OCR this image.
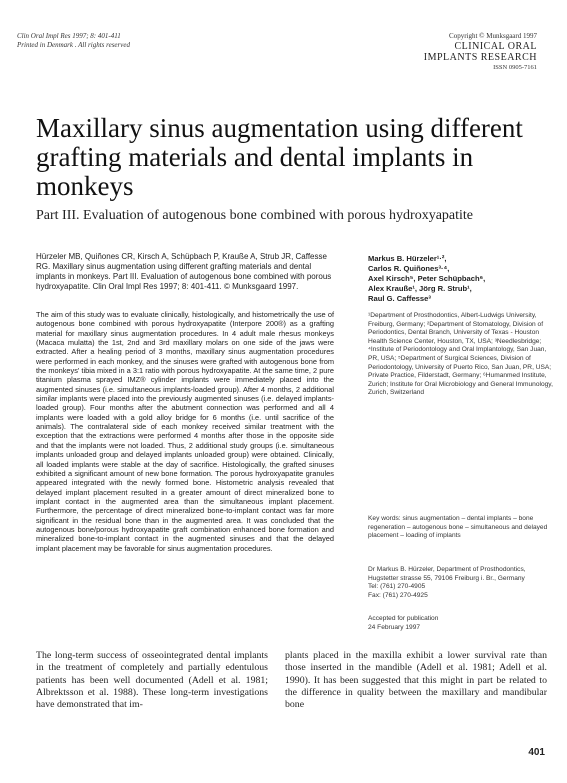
Clin Oral Impl Res 1997; 8: 401-411
Printed in Denmark . All rights reserved
Copyright © Munksgaard 1997
CLINICAL ORAL
IMPLANTS RESEARCH
ISSN 0905-7161
Maxillary sinus augmentation using different grafting materials and dental implants in monkeys
Part III. Evaluation of autogenous bone combined with porous hydroxyapatite
Hürzeler MB, Quiñones CR, Kirsch A, Schüpbach P, Krauße A, Strub JR, Caffesse RG. Maxillary sinus augmentation using different grafting materials and dental implants in monkeys. Part III. Evaluation of autogenous bone combined with porous hydroxyapatite. Clin Oral Impl Res 1997; 8: 401-411. © Munksgaard 1997.
The aim of this study was to evaluate clinically, histologically, and histometrically the use of autogenous bone combined with porous hydroxyapatite (Interpore 200®) as a grafting material for maxillary sinus augmentation procedures. In 4 adult male rhesus monkeys (Macaca mulatta) the 1st, 2nd and 3rd maxillary molars on one side of the jaws were extracted. After a healing period of 3 months, maxillary sinus augmentation procedures were performed in each monkey, and the sinuses were grafted with autogenous bone from the monkeys' tibia mixed in a 3:1 ratio with porous hydroxyapatite. At the same time, 2 pure titanium plasma sprayed IMZ® cylinder implants were immediately placed into the augmented sinuses (i.e. simultaneous implants-loaded group). After 4 months, 2 additional similar implants were placed into the previously augmented sinuses (i.e. delayed implants-loaded group). Four months after the abutment connection was performed and all 4 implants were loaded with a gold alloy bridge for 6 months (i.e. until sacrifice of the animals). The contralateral side of each monkey received similar treatment with the exception that the extractions were performed 4 months after those in the opposite side and that the implants were not loaded. Thus, 2 additional study groups (i.e. simultaneous implants unloaded group and delayed implants unloaded group) were obtained. Clinically, all loaded implants were stable at the day of sacrifice. Histologically, the grafted sinuses exhibited a significant amount of new bone formation. The porous hydroxyapatite granules appeared integrated with the newly formed bone. Histometric analysis revealed that delayed implant placement resulted in a greater amount of direct mineralized bone to implant contact in the augmented area than the simultaneous implant placement. Furthermore, the percentage of direct mineralized bone-to-implant contact was far more significant in the residual bone than in the augmented area. It was concluded that the autogenous bone/porous hydroxyapatite graft combination enhanced bone formation and mineralized bone-to-implant contact in the augmented sinuses and that the delayed implant placement may be favorable for sinus augmentation procedures.
Markus B. Hürzeler¹·²,
Carlos R. Quiñones³·⁴,
Axel Kirsch⁵, Peter Schüpbach⁶,
Alex Krauße¹, Jörg R. Strub¹,
Raul G. Caffesse³
¹Department of Prosthodontics, Albert-Ludwigs University, Freiburg, Germany; ²Department of Stomatology, Division of Periodontics, Dental Branch, University of Texas - Houston Health Science Center, Houston, TX, USA; ³Needlesbridge; ⁴Institute of Periodontology and Oral Implantology, San Juan, PR, USA; ⁵Department of Surgical Sciences, Division of Periodontology, University of Puerto Rico, San Juan, PR, USA; Private Practice, Filderstadt, Germany; ⁶Humanmed Institute, Zurich; Institute for Oral Microbiology and General Immunology, Zurich, Switzerland
Key words: sinus augmentation – dental implants – bone regeneration – autogenous bone – simultaneous and delayed placement – loading of implants
Dr Markus B. Hürzeler, Department of Prosthodontics, Hugstetter strasse 55, 79106 Freiburg i. Br., Germany
Tel: (761) 270-4905
Fax: (761) 270-4925
Accepted for publication
24 February 1997
The long-term success of osseointegrated dental implants in the treatment of completely and partially edentulous patients has been well documented (Adell et al. 1981; Albrektsson et al. 1988). These long-term investigations have demonstrated that im-
plants placed in the maxilla exhibit a lower survival rate than those inserted in the mandible (Adell et al. 1981; Adell et al. 1990). It has been suggested that this might in part be related to the difference in quality between the maxillary and mandibular bone
401
